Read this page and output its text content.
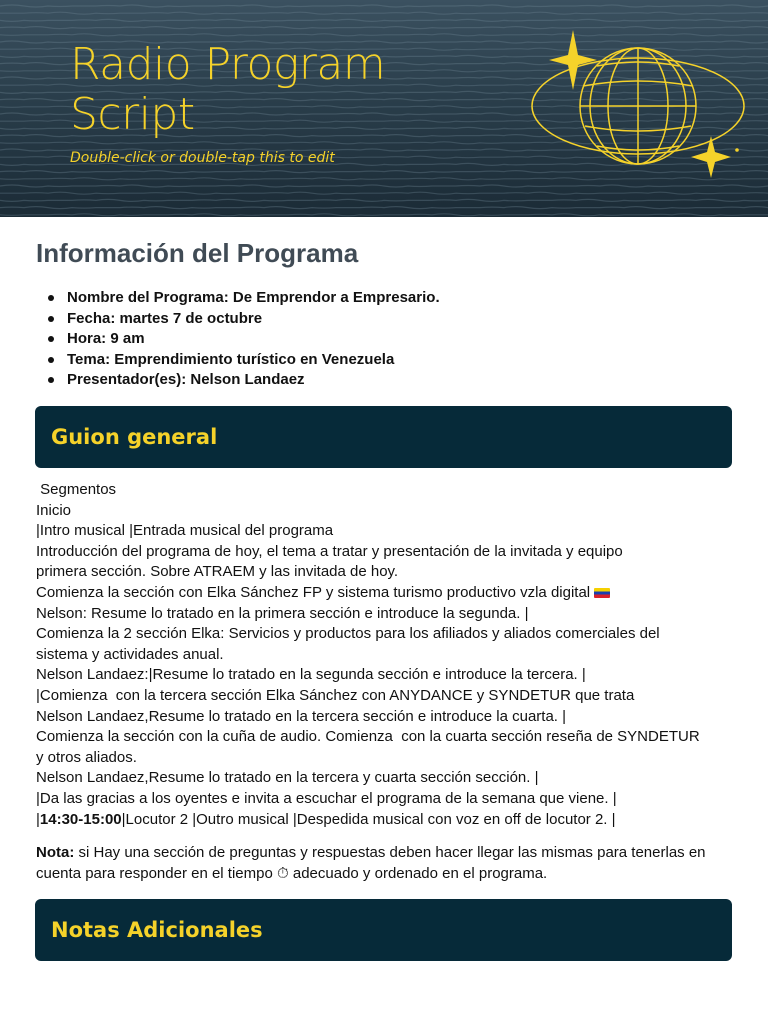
Radio Program
Script
Double-click or double-tap this to edit
Información del Programa
Nombre del Programa: De Emprendor a Empresario.
Fecha: martes 7 de octubre
Hora: 9 am
Tema: Emprendimiento turístico en Venezuela
Presentador(es): Nelson Landaez
Guion general
Segmentos
Inicio
|Intro musical |Entrada musical del programa
Introducción del programa de hoy, el tema a tratar y presentación de la invitada y equipo
primera sección. Sobre ATRAEM y las invitada de hoy.
Comienza la sección con Elka Sánchez FP y sistema turismo productivo vzla digital
Nelson: Resume lo tratado en la primera sección e introduce la segunda. |
Comienza la 2 sección Elka: Servicios y productos para los afiliados y aliados comerciales del
sistema y actividades anual.
Nelson Landaez:|Resume lo tratado en la segunda sección e introduce la tercera. |
|Comienza  con la tercera sección Elka Sánchez con ANYDANCE y SYNDETUR que trata
Nelson Landaez,Resume lo tratado en la tercera sección e introduce la cuarta. |
Comienza la sección con la cuña de audio. Comienza  con la cuarta sección reseña de SYNDETUR
y otros aliados.
Nelson Landaez,Resume lo tratado en la tercera y cuarta sección sección. |
|Da las gracias a los oyentes e invita a escuchar el programa de la semana que viene. |
|14:30-15:00|Locutor 2 |Outro musical |Despedida musical con voz en off de locutor 2. |
Nota: si Hay una sección de preguntas y respuestas deben hacer llegar las mismas para tenerlas en cuenta para responder en el tiempo ⏱ adecuado y ordenado en el programa.
Notas Adicionales
